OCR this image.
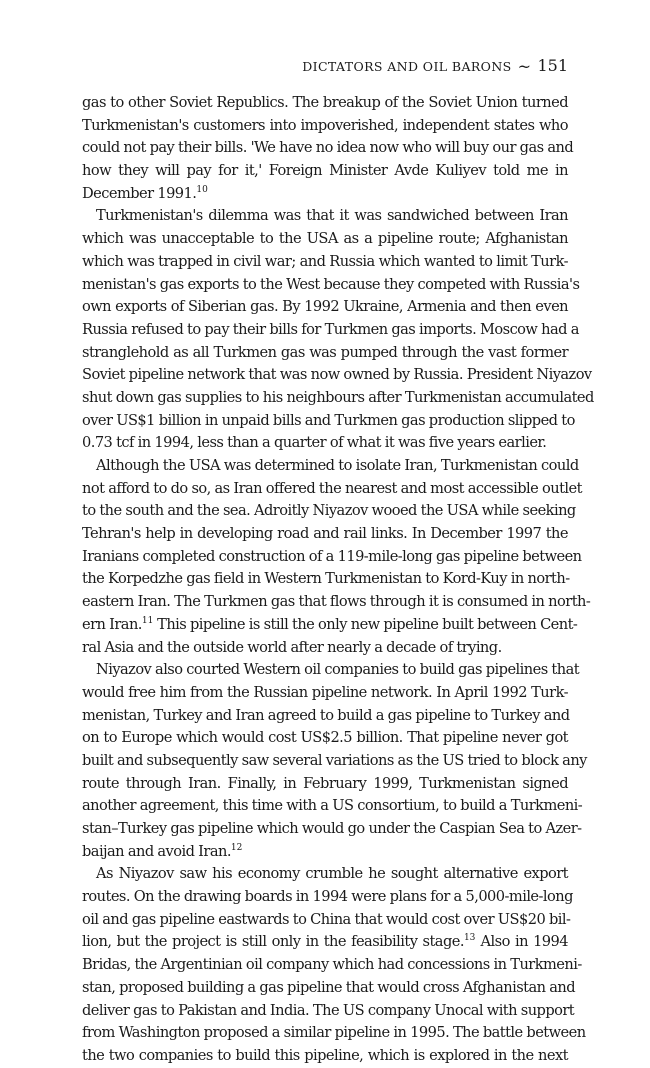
DICTATORS AND OIL BARONS ~ 151
gas to other Soviet Republics. The breakup of the Soviet Union turned
Turkmenistan's customers into impoverished, independent states who
could not pay their bills. 'We have no idea now who will buy our gas and
how they will pay for it,' Foreign Minister Avde Kuliyev told me in
December 1991.10
Turkmenistan's dilemma was that it was sandwiched between Iran
which was unacceptable to the USA as a pipeline route; Afghanistan
which was trapped in civil war; and Russia which wanted to limit Turk-
menistan's gas exports to the West because they competed with Russia's
own exports of Siberian gas. By 1992 Ukraine, Armenia and then even
Russia refused to pay their bills for Turkmen gas imports. Moscow had a
stranglehold as all Turkmen gas was pumped through the vast former
Soviet pipeline network that was now owned by Russia. President Niyazov
shut down gas supplies to his neighbours after Turkmenistan accumulated
over US$1 billion in unpaid bills and Turkmen gas production slipped to
0.73 tcf in 1994, less than a quarter of what it was five years earlier.
Although the USA was determined to isolate Iran, Turkmenistan could
not afford to do so, as Iran offered the nearest and most accessible outlet
to the south and the sea. Adroitly Niyazov wooed the USA while seeking
Tehran's help in developing road and rail links. In December 1997 the
Iranians completed construction of a 119-mile-long gas pipeline between
the Korpedzhe gas field in Western Turkmenistan to Kord-Kuy in north-
eastern Iran. The Turkmen gas that flows through it is consumed in north-
ern Iran.$^{11}$ This pipeline is still the only new pipeline built between Cent-
ral Asia and the outside world after nearly a decade of trying.
Niyazov also courted Western oil companies to build gas pipelines that
would free him from the Russian pipeline network. In April 1992 Turk-
menistan, Turkey and Iran agreed to build a gas pipeline to Turkey and
on to Europe which would cost US$2.5 billion. That pipeline never got
built and subsequently saw several variations as the US tried to block any
route through Iran. Finally, in February 1999, Turkmenistan signed
another agreement, this time with a US consortium, to build a Turkmeni-
stan–Turkey gas pipeline which would go under the Caspian Sea to Azer-
baijan and avoid Iran.$^{12}$
As Niyazov saw his economy crumble he sought alternative export
routes. On the drawing boards in 1994 were plans for a 5,000-mile-long
oil and gas pipeline eastwards to China that would cost over US$20 bil-
lion, but the project is still only in the feasibility stage.$^{13}$ Also in 1994
Bridas, the Argentinian oil company which had concessions in Turkmeni-
stan, proposed building a gas pipeline that would cross Afghanistan and
deliver gas to Pakistan and India. The US company Unocal with support
from Washington proposed a similar pipeline in 1995. The battle between
the two companies to build this pipeline, which is explored in the next
